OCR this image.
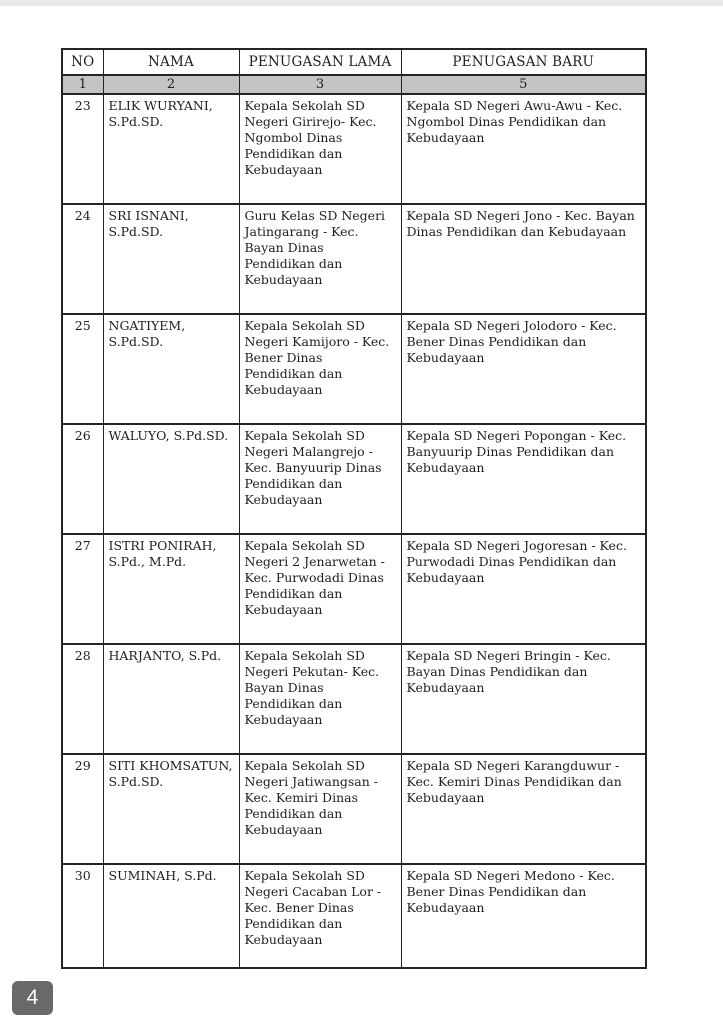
NO	NAMA	PENUGASAN LAMA	PENUGASAN BARU
1	2	3	5
23	ELIK WURYANI, S.Pd.SD.	Kepala Sekolah SD Negeri Girirejo- Kec. Ngombol Dinas Pendidikan dan Kebudayaan	Kepala SD Negeri Awu-Awu - Kec. Ngombol Dinas Pendidikan dan Kebudayaan
24	SRI ISNANI, S.Pd.SD.	Guru Kelas SD Negeri Jatingarang - Kec. Bayan Dinas Pendidikan dan Kebudayaan	Kepala SD Negeri Jono - Kec. Bayan Dinas Pendidikan dan Kebudayaan
25	NGATIYEM, S.Pd.SD.	Kepala Sekolah SD Negeri Kamijoro - Kec. Bener Dinas Pendidikan dan Kebudayaan	Kepala SD Negeri Jolodoro - Kec. Bener Dinas Pendidikan dan Kebudayaan
26	WALUYO, S.Pd.SD.	Kepala Sekolah SD Negeri Malangrejo - Kec. Banyuurip Dinas Pendidikan dan Kebudayaan	Kepala SD Negeri Popongan - Kec. Banyuurip Dinas Pendidikan dan Kebudayaan
27	ISTRI PONIRAH, S.Pd., M.Pd.	Kepala Sekolah SD Negeri 2 Jenarwetan - Kec. Purwodadi Dinas Pendidikan dan Kebudayaan	Kepala SD Negeri Jogoresan - Kec. Purwodadi Dinas Pendidikan dan Kebudayaan
28	HARJANTO, S.Pd.	Kepala Sekolah SD Negeri Pekutan- Kec. Bayan Dinas Pendidikan dan Kebudayaan	Kepala SD Negeri Bringin - Kec. Bayan Dinas Pendidikan dan Kebudayaan
29	SITI KHOMSATUN, S.Pd.SD.	Kepala Sekolah SD Negeri Jatiwangsan - Kec. Kemiri Dinas Pendidikan dan Kebudayaan	Kepala SD Negeri Karangduwur - Kec. Kemiri Dinas Pendidikan dan Kebudayaan
30	SUMINAH, S.Pd.	Kepala Sekolah SD Negeri Cacaban Lor - Kec. Bener Dinas Pendidikan dan Kebudayaan	Kepala SD Negeri Medono - Kec. Bener Dinas Pendidikan dan Kebudayaan
4
